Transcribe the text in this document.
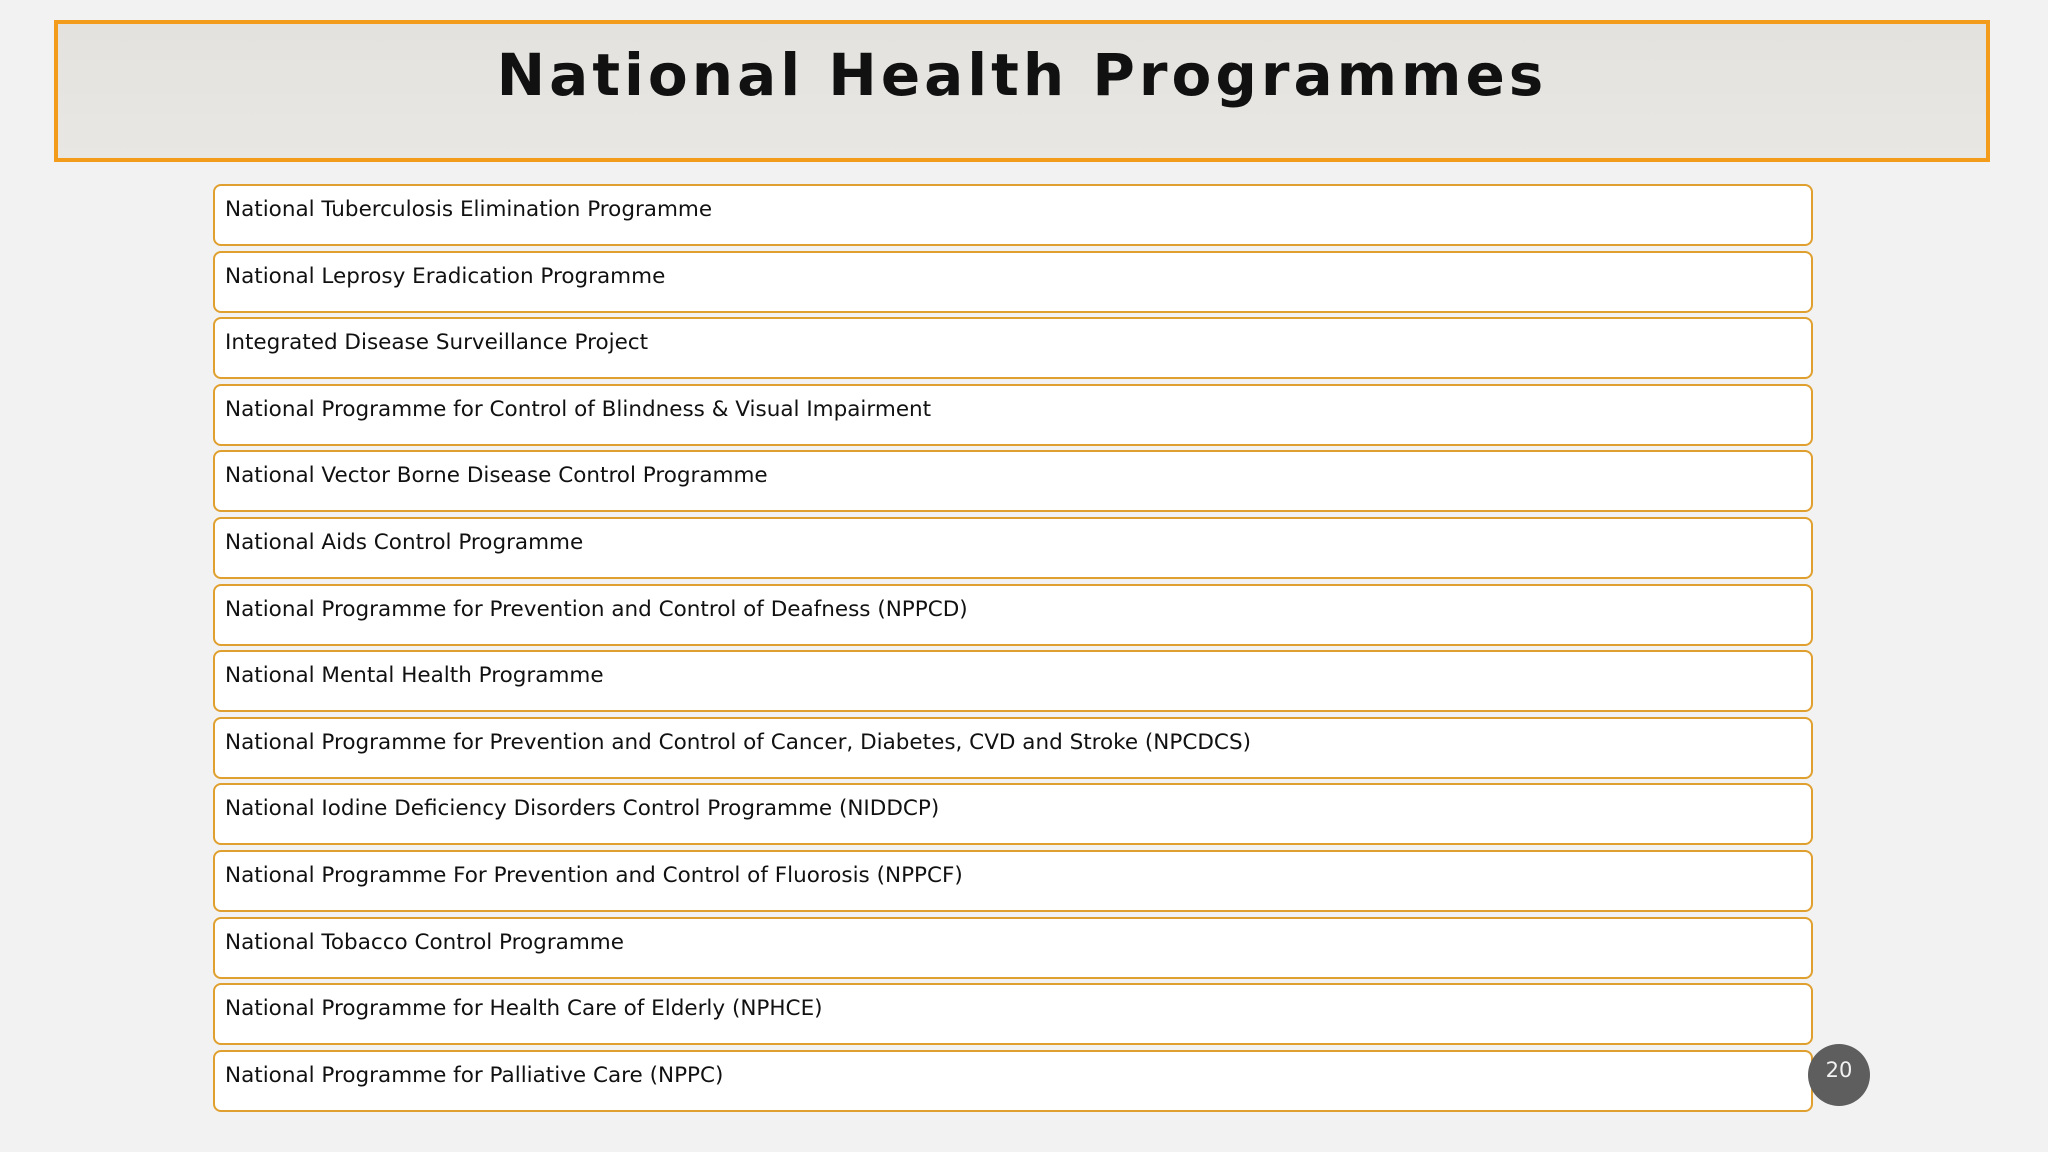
National Health Programmes
National Tuberculosis Elimination Programme
National Leprosy Eradication Programme
Integrated Disease Surveillance Project
National Programme for Control of Blindness & Visual Impairment
National Vector Borne Disease Control Programme
National Aids Control Programme
National Programme for Prevention and Control of Deafness (NPPCD)
National Mental Health Programme
National Programme for Prevention and Control of Cancer, Diabetes, CVD and Stroke (NPCDCS)
National Iodine Deficiency Disorders Control Programme (NIDDCP)
National Programme For Prevention and Control of Fluorosis (NPPCF)
National Tobacco Control Programme
National Programme for Health Care of Elderly (NPHCE)
National Programme for Palliative Care (NPPC)	20
